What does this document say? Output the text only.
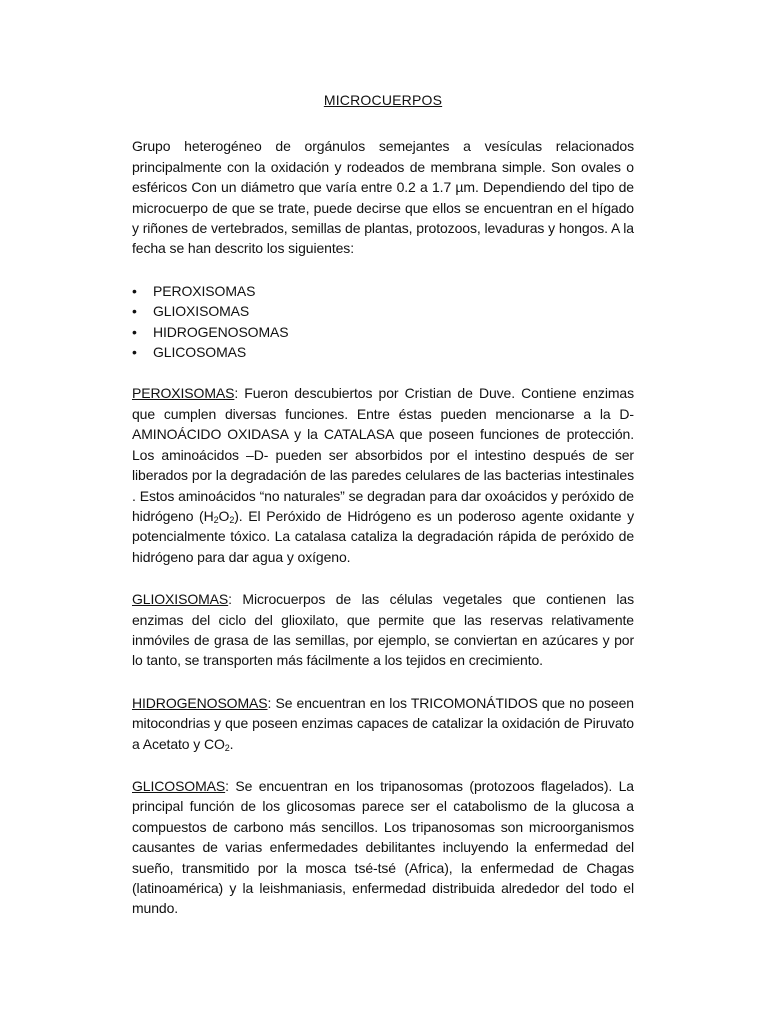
MICROCUERPOS

Grupo heterogéneo de orgánulos semejantes a vesículas relacionados principalmente con la oxidación y rodeados de membrana simple. Son ovales o esféricos Con un diámetro que varía entre 0.2 a 1.7 µm. Dependiendo del tipo de microcuerpo de que se trate, puede decirse que ellos se encuentran en el hígado y riñones de vertebrados, semillas de plantas, protozoos, levaduras y hongos. A la fecha se han descrito los siguientes:

• PEROXISOMAS
• GLIOXISOMAS
• HIDROGENOSOMAS
• GLICOSOMAS

PEROXISOMAS: Fueron descubiertos por Cristian de Duve. Contiene enzimas que cumplen diversas funciones. Entre éstas pueden mencionarse a la D-AMINOÁCIDO OXIDASA y la CATALASA que poseen funciones de protección. Los aminoácidos –D- pueden ser absorbidos por el intestino después de ser liberados por la degradación de las paredes celulares de las bacterias intestinales . Estos aminoácidos “no naturales” se degradan para dar oxoácidos y peróxido de hidrógeno $(H_2O_2)$. El Peróxido de Hidrógeno es un poderoso agente oxidante y potencialmente tóxico. La catalasa cataliza la degradación rápida de peróxido de hidrógeno para dar agua y oxígeno.

GLIOXISOMAS: Microcuerpos de las células vegetales que contienen las enzimas del ciclo del glioxilato, que permite que las reservas relativamente inmóviles de grasa de las semillas, por ejemplo, se conviertan en azúcares y por lo tanto, se transporten más fácilmente a los tejidos en crecimiento.

HIDROGENOSOMAS: Se encuentran en los TRICOMONÁTIDOS que no poseen mitocondrias y que poseen enzimas capaces de catalizar la oxidación de Piruvato a Acetato y $CO_2$.

GLICOSOMAS: Se encuentran en los tripanosomas (protozoos flagelados). La principal función de los glicosomas parece ser el catabolismo de la glucosa a compuestos de carbono más sencillos. Los tripanosomas son microorganismos causantes de varias enfermedades debilitantes incluyendo la enfermedad del sueño, transmitido por la mosca tsé-tsé (Africa), la enfermedad de Chagas (latinoamérica) y la leishmaniasis, enfermedad distribuida alrededor del todo el mundo.
